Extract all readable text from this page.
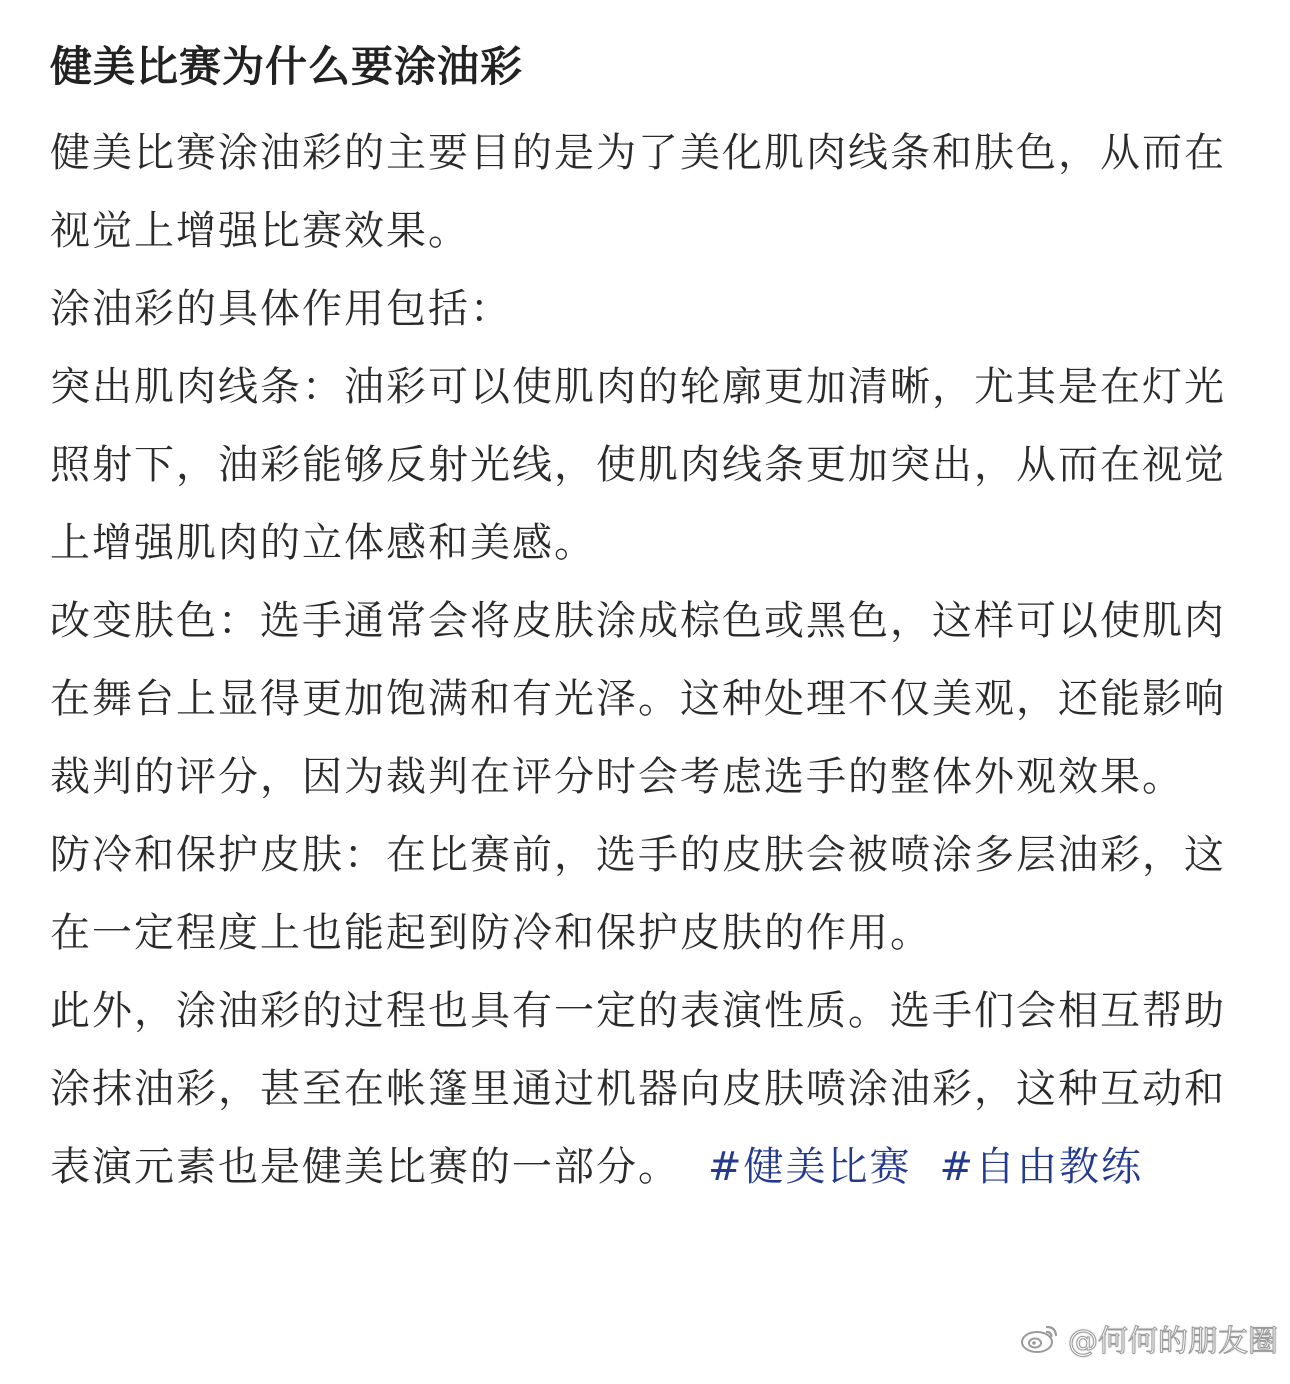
健美比赛为什么要涂油彩

健美比赛涂油彩的主要目的是为了美化肌肉线条和肤色，从而在视觉上增强比赛效果。

涂油彩的具体作用包括：

突出肌肉线条：油彩可以使肌肉的轮廓更加清晰，尤其是在灯光照射下，油彩能够反射光线，使肌肉线条更加突出，从而在视觉上增强肌肉的立体感和美感。

改变肤色：选手通常会将皮肤涂成棕色或黑色，这样可以使肌肉在舞台上显得更加饱满和有光泽。这种处理不仅美观，还能影响裁判的评分，因为裁判在评分时会考虑选手的整体外观效果。

防冷和保护皮肤：在比赛前，选手的皮肤会被喷涂多层油彩，这在一定程度上也能起到防冷和保护皮肤的作用。

此外，涂油彩的过程也具有一定的表演性质。选手们会相互帮助涂抹油彩，甚至在帐篷里通过机器向皮肤喷涂油彩，这种互动和表演元素也是健美比赛的一部分。 #健美比赛 #自由教练

@何何的朋友圈
